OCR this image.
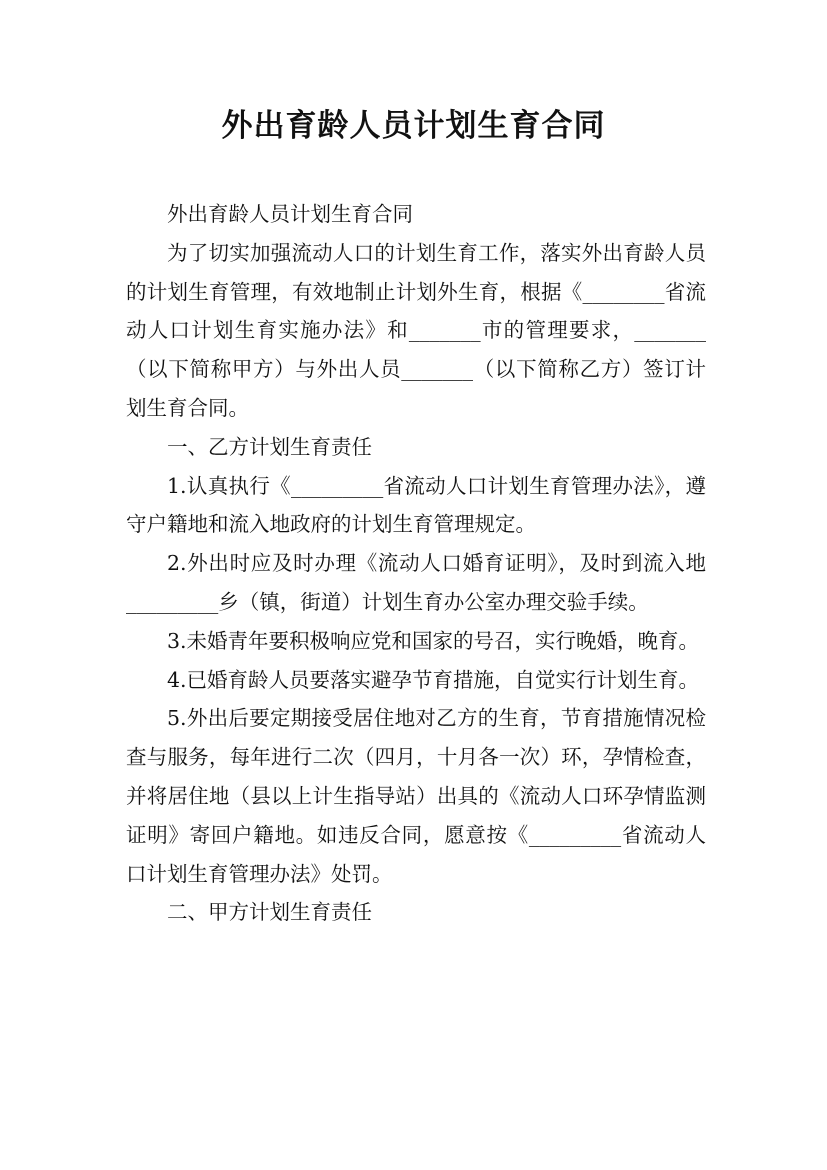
外出育龄人员计划生育合同

外出育龄人员计划生育合同

为了切实加强流动人口的计划生育工作，落实外出育龄人员的计划生育管理，有效地制止计划外生育，根据《________省流动人口计划生育实施办法》和_______市的管理要求，_______（以下简称甲方）与外出人员_______（以下简称乙方）签订计划生育合同。

一、乙方计划生育责任

1.认真执行《_________省流动人口计划生育管理办法》，遵守户籍地和流入地政府的计划生育管理规定。

2.外出时应及时办理《流动人口婚育证明》，及时到流入地_________乡（镇，街道）计划生育办公室办理交验手续。

3.未婚青年要积极响应党和国家的号召，实行晚婚，晚育。

4.已婚育龄人员要落实避孕节育措施，自觉实行计划生育。

5.外出后要定期接受居住地对乙方的生育，节育措施情况检查与服务，每年进行二次（四月，十月各一次）环，孕情检查，并将居住地（县以上计生指导站）出具的《流动人口环孕情监测证明》寄回户籍地。如违反合同，愿意按《_________省流动人口计划生育管理办法》处罚。

二、甲方计划生育责任
